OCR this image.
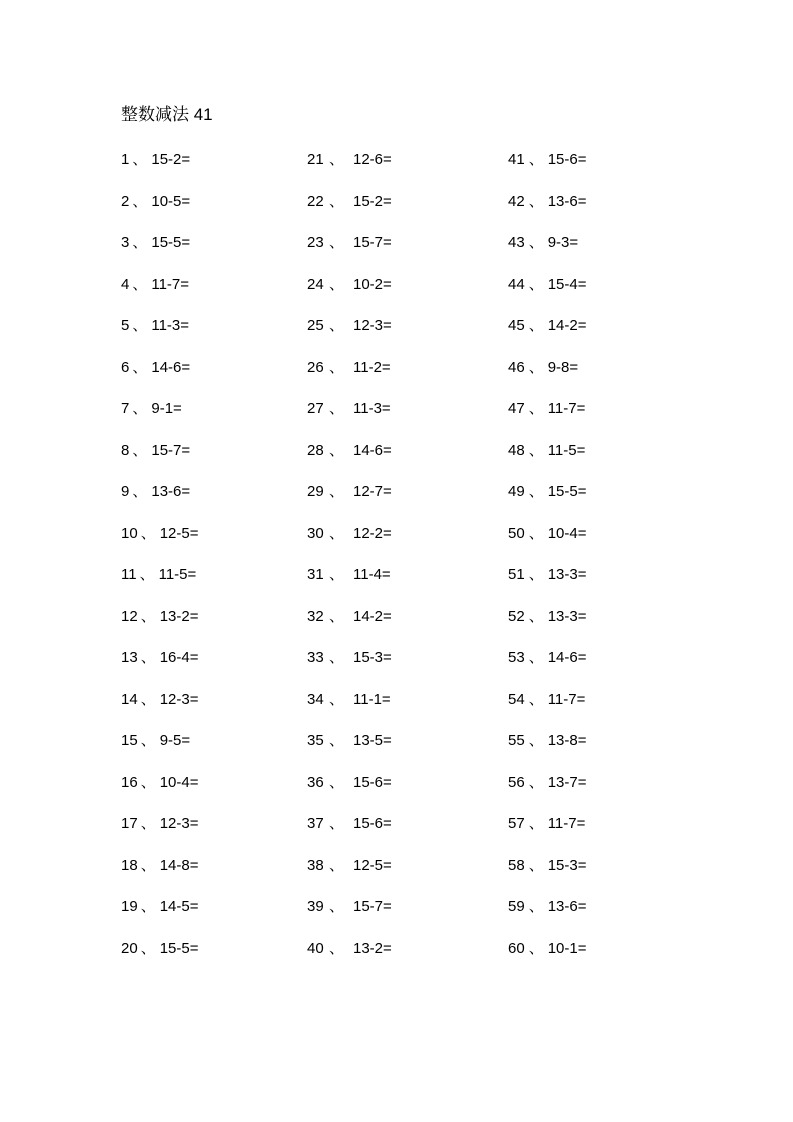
整数减法 41
1 、 15-2=
2 、 10-5=
3 、 15-5=
4 、 11-7=
5 、 11-3=
6 、 14-6=
7 、 9-1=
8 、 15-7=
9 、 13-6=
10 、 12-5=
11 、 11-5=
12 、 13-2=
13 、 16-4=
14 、 12-3=
15 、 9-5=
16 、 10-4=
17 、 12-3=
18 、 14-8=
19 、 14-5=
20 、 15-5=
21 、 12-6=
22 、 15-2=
23 、 15-7=
24 、 10-2=
25 、 12-3=
26 、 11-2=
27 、 11-3=
28 、 14-6=
29 、 12-7=
30 、 12-2=
31 、 11-4=
32 、 14-2=
33 、 15-3=
34 、 11-1=
35 、 13-5=
36 、 15-6=
37 、 15-6=
38 、 12-5=
39 、 15-7=
40 、 13-2=
41 、 15-6=
42 、 13-6=
43 、 9-3=
44 、 15-4=
45 、 14-2=
46 、 9-8=
47 、 11-7=
48 、 11-5=
49 、 15-5=
50 、 10-4=
51 、 13-3=
52 、 13-3=
53 、 14-6=
54 、 11-7=
55 、 13-8=
56 、 13-7=
57 、 11-7=
58 、 15-3=
59 、 13-6=
60 、 10-1=
